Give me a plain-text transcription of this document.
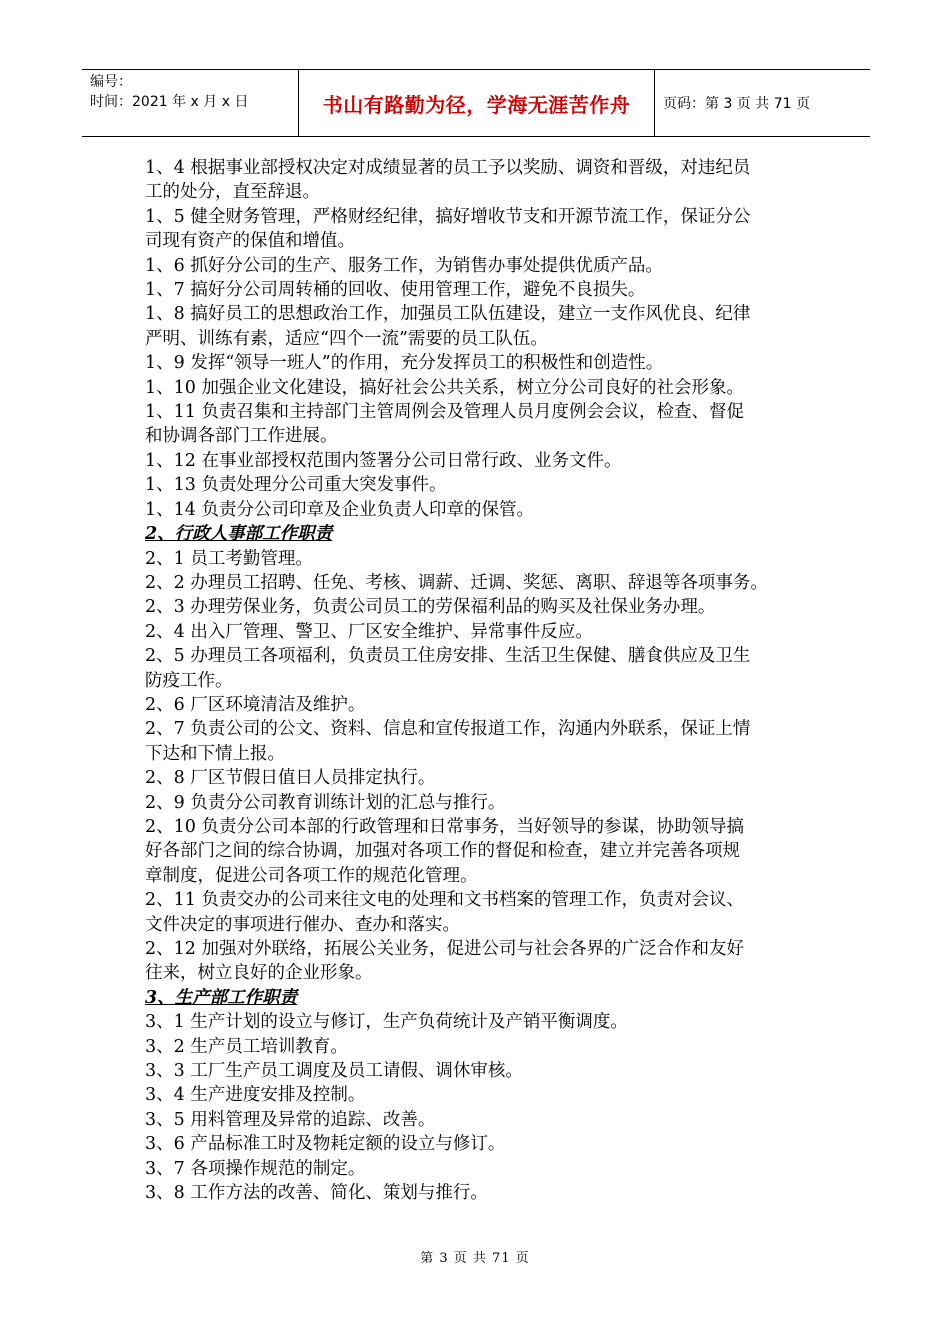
编号：
时间：2021 年 x 月 x 日	书山有路勤为径，学海无涯苦作舟	页码：第 3 页 共 71 页
1、4 根据事业部授权决定对成绩显著的员工予以奖励、调资和晋级，对违纪员
工的处分，直至辞退。
1、5 健全财务管理，严格财经纪律，搞好增收节支和开源节流工作，保证分公
司现有资产的保值和增值。
1、6 抓好分公司的生产、服务工作，为销售办事处提供优质产品。
1、7 搞好分公司周转桶的回收、使用管理工作，避免不良损失。
1、8 搞好员工的思想政治工作，加强员工队伍建设，建立一支作风优良、纪律
严明、训练有素，适应“四个一流”需要的员工队伍。
1、9 发挥“领导一班人”的作用，充分发挥员工的积极性和创造性。
1、10 加强企业文化建设，搞好社会公共关系，树立分公司良好的社会形象。
1、11 负责召集和主持部门主管周例会及管理人员月度例会会议，检查、督促
和协调各部门工作进展。
1、12 在事业部授权范围内签署分公司日常行政、业务文件。
1、13 负责处理分公司重大突发事件。
1、14 负责分公司印章及企业负责人印章的保管。
2、行政人事部工作职责
2、1 员工考勤管理。
2、2 办理员工招聘、任免、考核、调薪、迁调、奖惩、离职、辞退等各项事务。
2、3 办理劳保业务，负责公司员工的劳保福利品的购买及社保业务办理。
2、4 出入厂管理、警卫、厂区安全维护、异常事件反应。
2、5 办理员工各项福利，负责员工住房安排、生活卫生保健、膳食供应及卫生
防疫工作。
2、6 厂区环境清洁及维护。
2、7 负责公司的公文、资料、信息和宣传报道工作，沟通内外联系，保证上情
下达和下情上报。
2、8 厂区节假日值日人员排定执行。
2、9 负责分公司教育训练计划的汇总与推行。
2、10 负责分公司本部的行政管理和日常事务，当好领导的参谋，协助领导搞
好各部门之间的综合协调，加强对各项工作的督促和检查，建立并完善各项规
章制度，促进公司各项工作的规范化管理。
2、11 负责交办的公司来往文电的处理和文书档案的管理工作，负责对会议、
文件决定的事项进行催办、查办和落实。
2、12 加强对外联络，拓展公关业务，促进公司与社会各界的广泛合作和友好
往来，树立良好的企业形象。
3、生产部工作职责
3、1 生产计划的设立与修订，生产负荷统计及产销平衡调度。
3、2 生产员工培训教育。
3、3 工厂生产员工调度及员工请假、调休审核。
3、4 生产进度安排及控制。
3、5 用料管理及异常的追踪、改善。
3、6 产品标准工时及物耗定额的设立与修订。
3、7 各项操作规范的制定。
3、8 工作方法的改善、简化、策划与推行。
第 3 页 共 71 页
